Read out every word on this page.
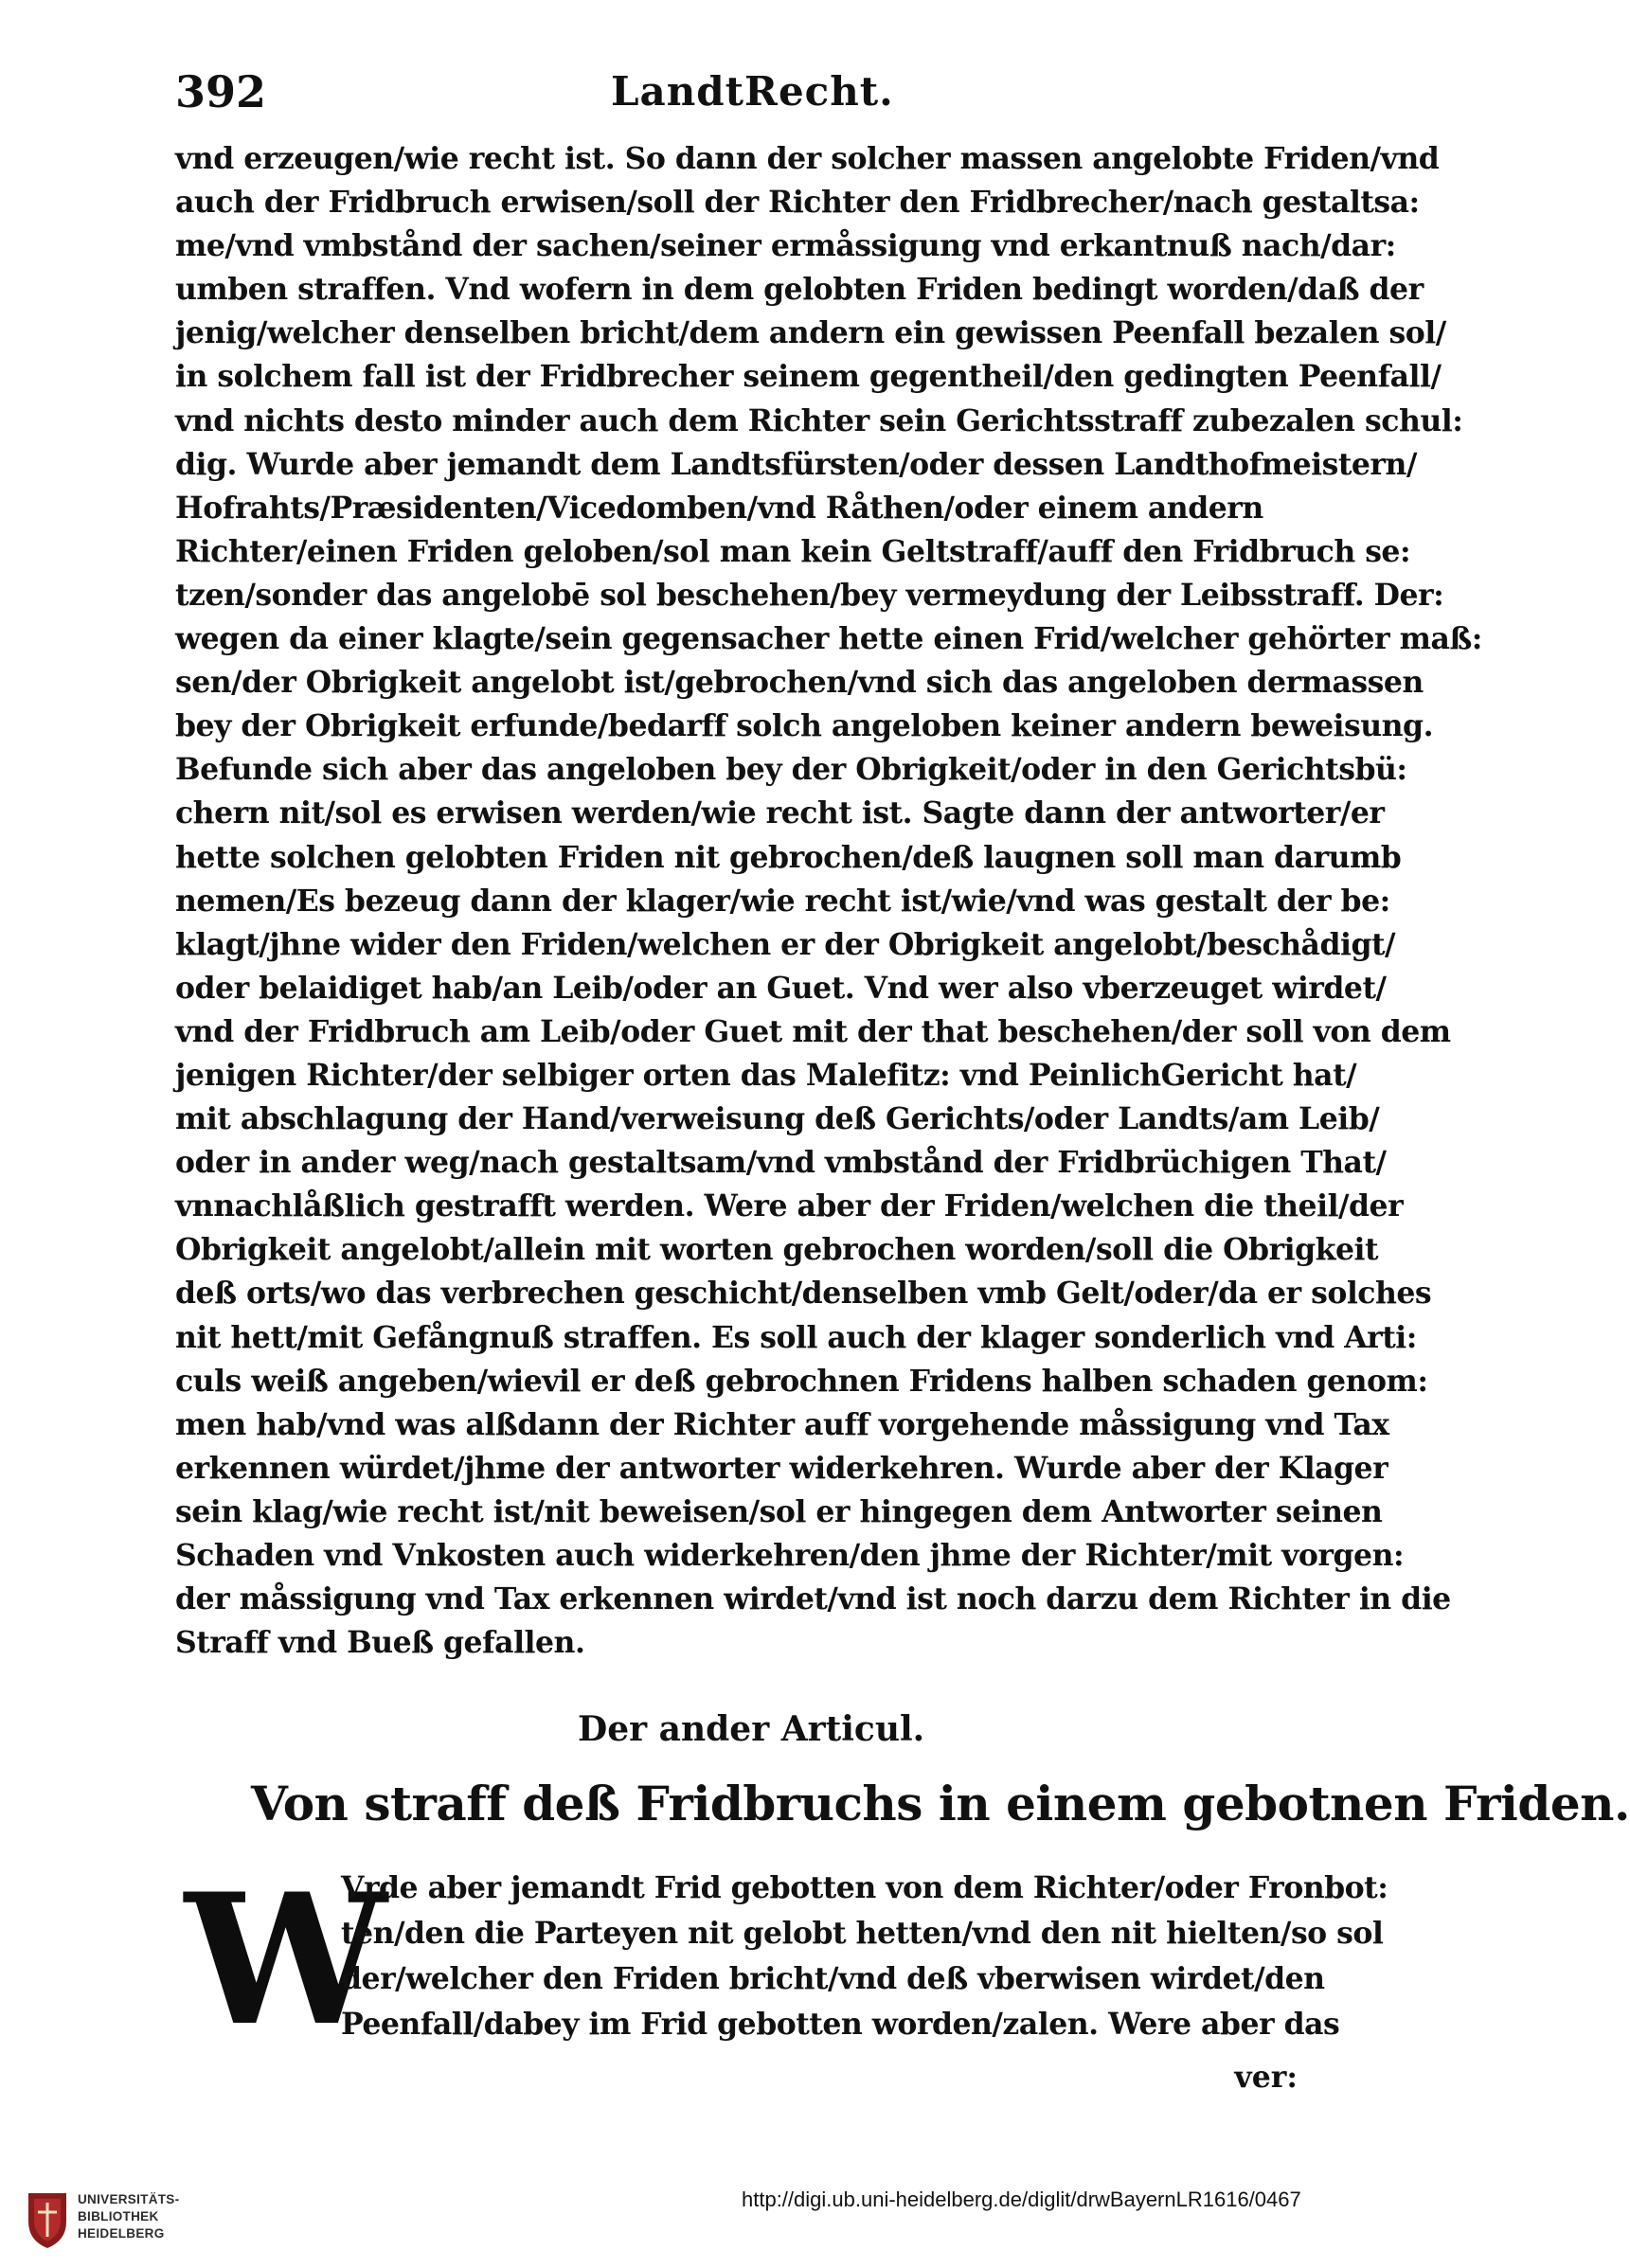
392	LandtRecht.
vnd erzeugen/wie recht ist. So dann der solcher massen angelobte Friden/vnd
auch der Fridbruch erwisen/soll der Richter den Fridbrecher/nach gestaltsa:
me/vnd vmbstånd der sachen/seiner ermåssigung vnd erkantnuß nach/dar:
umben straffen. Vnd wofern in dem gelobten Friden bedingt worden/daß der
jenig/welcher denselben bricht/dem andern ein gewissen Peenfall bezalen sol/
in solchem fall ist der Fridbrecher seinem gegentheil/den gedingten Peenfall/
vnd nichts desto minder auch dem Richter sein Gerichtsstraff zubezalen schul:
dig. Wurde aber jemandt dem Landtsfürsten/oder dessen Landthofmeistern/
Hofrahts/Præsidenten/Vicedomben/vnd Råthen/oder einem andern
Richter/einen Friden geloben/sol man kein Geltstraff/auff den Fridbruch se:
tzen/sonder das angelobē sol beschehen/bey vermeydung der Leibsstraff. Der:
wegen da einer klagte/sein gegensacher hette einen Frid/welcher gehörter maß:
sen/der Obrigkeit angelobt ist/gebrochen/vnd sich das angeloben dermassen
bey der Obrigkeit erfunde/bedarff solch angeloben keiner andern beweisung.
Befunde sich aber das angeloben bey der Obrigkeit/oder in den Gerichtsbü:
chern nit/sol es erwisen werden/wie recht ist. Sagte dann der antworter/er
hette solchen gelobten Friden nit gebrochen/deß laugnen soll man darumb
nemen/Es bezeug dann der klager/wie recht ist/wie/vnd was gestalt der be:
klagt/jhne wider den Friden/welchen er der Obrigkeit angelobt/beschådigt/
oder belaidiget hab/an Leib/oder an Guet. Vnd wer also vberzeuget wirdet/
vnd der Fridbruch am Leib/oder Guet mit der that beschehen/der soll von dem
jenigen Richter/der selbiger orten das Malefitz: vnd PeinlichGericht hat/
mit abschlagung der Hand/verweisung deß Gerichts/oder Landts/am Leib/
oder in ander weg/nach gestaltsam/vnd vmbstånd der Fridbrüchigen That/
vnnachlåßlich gestrafft werden. Were aber der Friden/welchen die theil/der
Obrigkeit angelobt/allein mit worten gebrochen worden/soll die Obrigkeit
deß orts/wo das verbrechen geschicht/denselben vmb Gelt/oder/da er solches
nit hett/mit Gefångnuß straffen. Es soll auch der klager sonderlich vnd Arti:
culs weiß angeben/wievil er deß gebrochnen Fridens halben schaden genom:
men hab/vnd was alßdann der Richter auff vorgehende måssigung vnd Tax
erkennen würdet/jhme der antworter widerkehren. Wurde aber der Klager
sein klag/wie recht ist/nit beweisen/sol er hingegen dem Antworter seinen
Schaden vnd Vnkosten auch widerkehren/den jhme der Richter/mit vorgen:
der måssigung vnd Tax erkennen wirdet/vnd ist noch darzu dem Richter in die
Straff vnd Bueß gefallen.
Der ander Articul.
Von straff deß Fridbruchs in einem gebotnen Friden.
W
Vrde aber jemandt Frid gebotten von dem Richter/oder Fronbot:
ten/den die Parteyen nit gelobt hetten/vnd den nit hielten/so sol
der/welcher den Friden bricht/vnd deß vberwisen wirdet/den
Peenfall/dabey im Frid gebotten worden/zalen. Were aber das
ver:
UNIVERSITÄTS-
BIBLIOTHEK
HEIDELBERG
http://digi.ub.uni-heidelberg.de/diglit/drwBayernLR1616/0467
